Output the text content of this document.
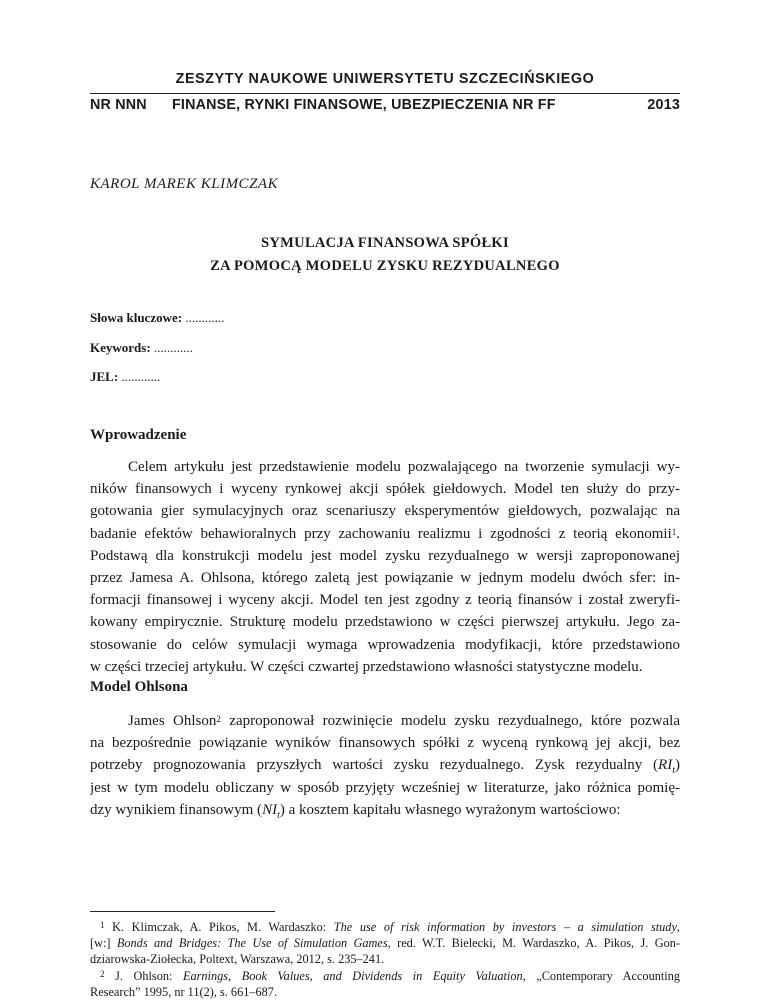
ZESZYTY NAUKOWE UNIWERSYTETU SZCZECIŃSKIEGO
NR NNN FINANSE, RYNKI FINANSOWE, UBEZPIECZENIA NR FF	2013
KAROL MAREK KLIMCZAK
SYMULACJA FINANSOWA SPÓŁKI
ZA POMOCĄ MODELU ZYSKU REZYDUALNEGO
Słowa kluczowe: ............
Keywords: ............
JEL: ............
Wprowadzenie
Celem artykułu jest przedstawienie modelu pozwalającego na tworzenie symulacji wy-
ników finansowych i wyceny rynkowej akcji spółek giełdowych. Model ten służy do przy-
gotowania gier symulacyjnych oraz scenariuszy eksperymentów giełdowych, pozwalając na
badanie efektów behawioralnych przy zachowaniu realizmu i zgodności z teorią ekonomii$^1$.
Podstawą dla konstrukcji modelu jest model zysku rezydualnego w wersji zaproponowanej
przez Jamesa A. Ohlsona, którego zaletą jest powiązanie w jednym modelu dwóch sfer: in-
formacji finansowej i wyceny akcji. Model ten jest zgodny z teorią finansów i został zweryfi-
kowany empirycznie. Strukturę modelu przedstawiono w części pierwszej artykułu. Jego za-
stosowanie do celów symulacji wymaga wprowadzenia modyfikacji, które przedstawiono
w części trzeciej artykułu. W części czwartej przedstawiono własności statystyczne modelu.
Model Ohlsona
James Ohlson$^2$ zaproponował rozwinięcie modelu zysku rezydualnego, które pozwala
na bezpośrednie powiązanie wyników finansowych spółki z wyceną rynkową jej akcji, bez
potrzeby prognozowania przyszłych wartości zysku rezydualnego. Zysk rezydualny $(RI_t)$
jest w tym modelu obliczany w sposób przyjęty wcześniej w literaturze, jako różnica pomię-
dzy wynikiem finansowym $(NI_t)$ a kosztem kapitału własnego wyrażonym wartościowo:
$^1$ K. Klimczak, A. Pikos, M. Wardaszko: The use of risk information by investors – a simulation study,
[w:] Bonds and Bridges: The Use of Simulation Games, red. W.T. Bielecki, M. Wardaszko, A. Pikos, J. Gon-
dziarowska-Ziołecka, Poltext, Warszawa, 2012, s. 235–241.
$^2$ J. Ohlson: Earnings, Book Values, and Dividends in Equity Valuation, „Contemporary Accounting
Research” 1995, nr 11(2), s. 661–687.
